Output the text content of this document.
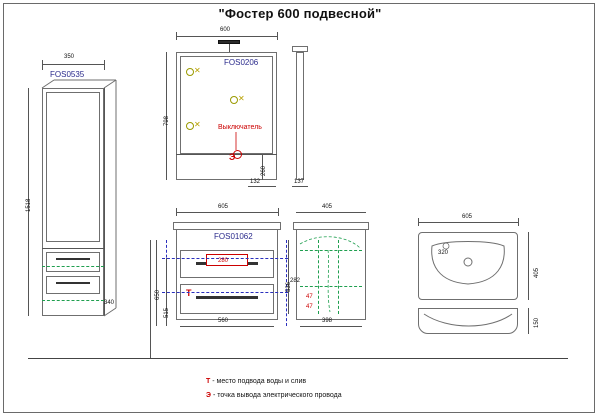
"Фостер 600 подвесной"
350
FOS0535
1518
340
✕
✕
✕ Выключатель
Э
FOS0206
600
798
260
132	137
Т
FOS01062
605
560
650
515
280
405
398
536
282
47
47
605
405
150
320
Т - место подвода воды и слив
Э - точка вывода электрического провода
